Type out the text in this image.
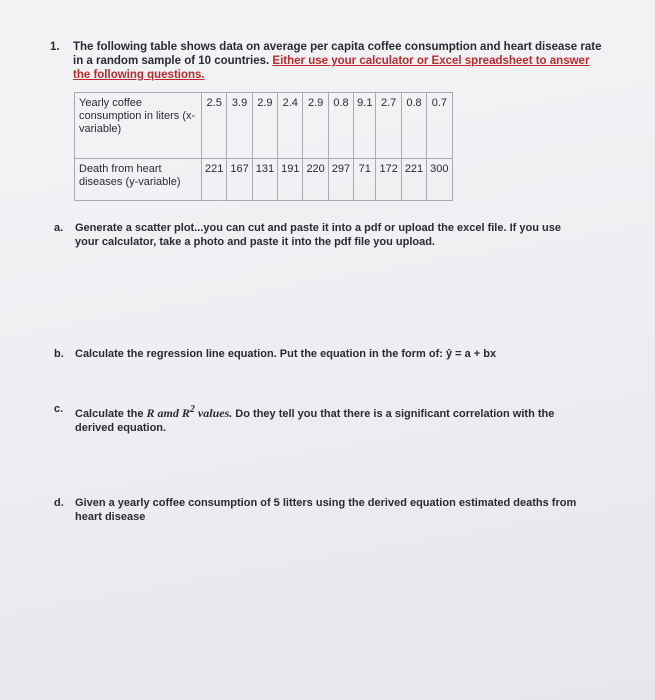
1. The following table shows data on average per capita coffee consumption and heart disease rate in a random sample of 10 countries. Either use your calculator or Excel spreadsheet to answer the following questions.
Yearly coffee consumption in liters (x-variable)	2.5	3.9	2.9	2.4	2.9	0.8	9.1	2.7	0.8	0.7
Death from heart diseases (y-variable)	221	167	131	191	220	297	71	172	221	300
a. Generate a scatter plot...you can cut and paste it into a pdf or upload the excel file. If you use your calculator, take a photo and paste it into the pdf file you upload.
b. Calculate the regression line equation. Put the equation in the form of: ŷ = a + bx
c. Calculate the R amd $R^2$ values. Do they tell you that there is a significant correlation with the derived equation.
d. Given a yearly coffee consumption of 5 litters using the derived equation estimated deaths from heart disease
